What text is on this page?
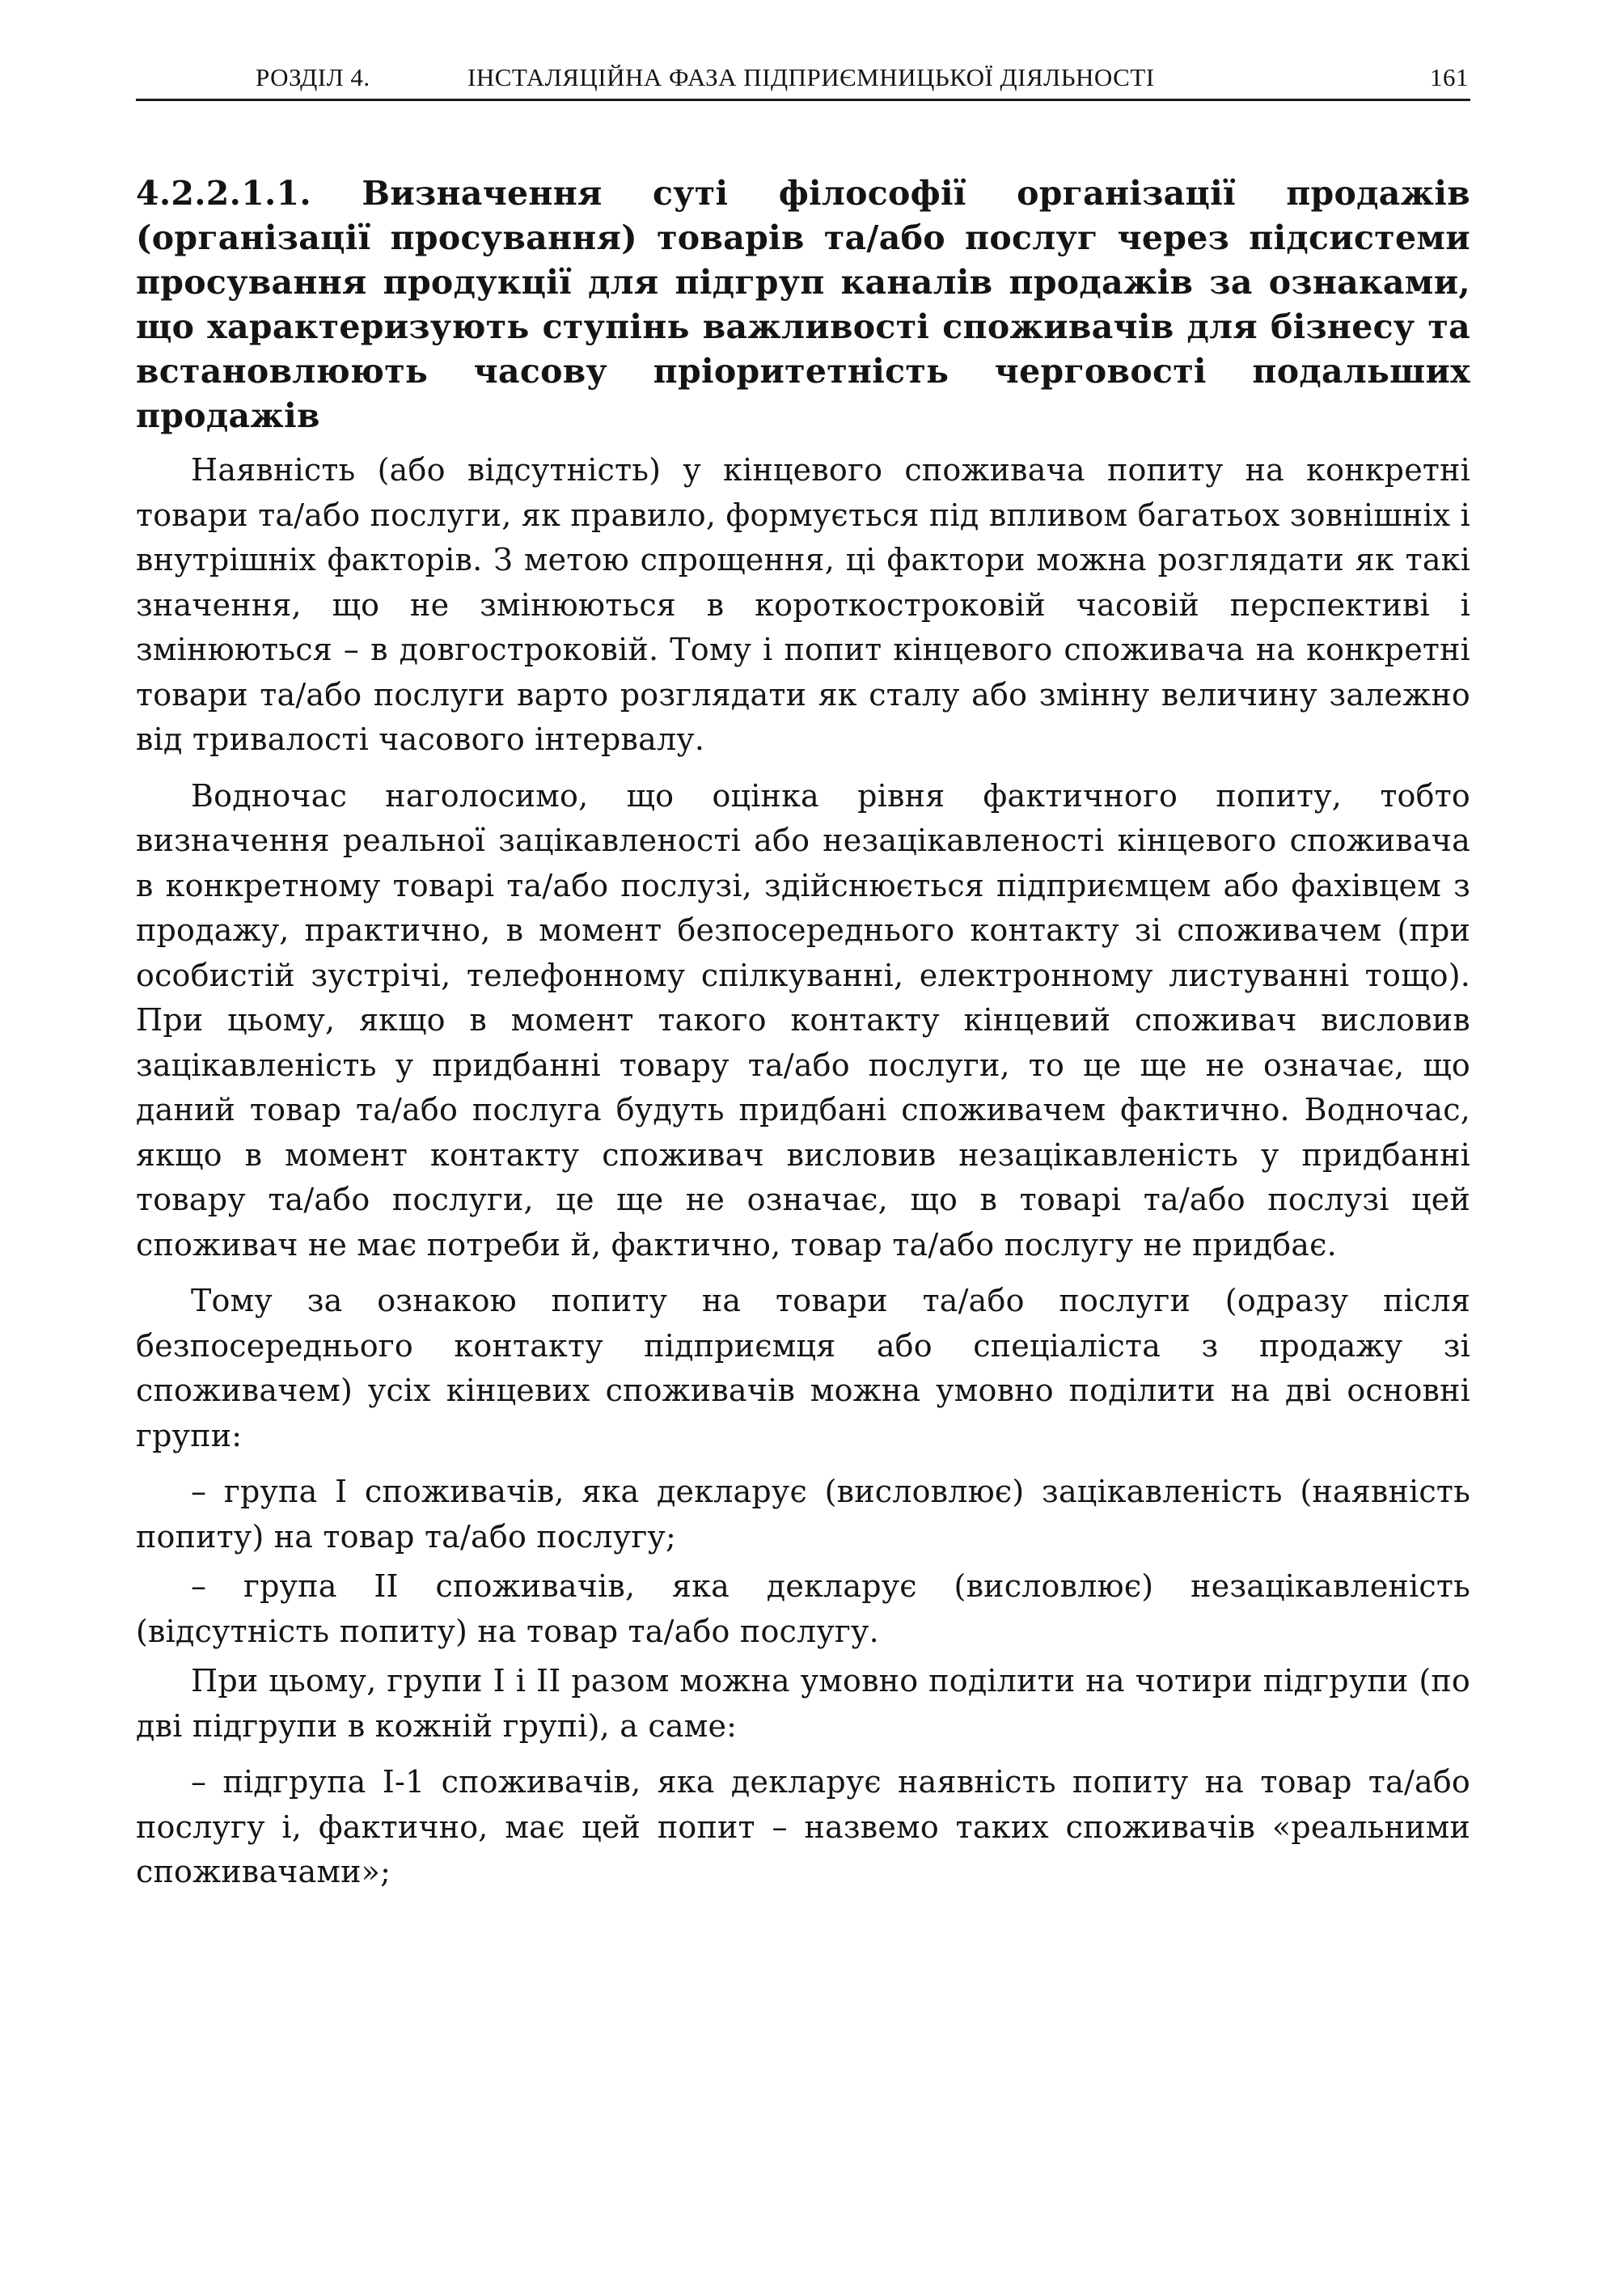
РОЗДІЛ 4.	ІНСТАЛЯЦІЙНА ФАЗА ПІДПРИЄМНИЦЬКОЇ ДІЯЛЬНОСТІ	161

4.2.2.1.1. Визначення суті філософії організації продажів (організації просування) товарів та/або послуг через підсистеми просування продукції для підгруп каналів продажів за ознаками, що характеризують ступінь важливості споживачів для бізнесу та встановлюють часову пріоритетність черговості подальших продажів

Наявність (або відсутність) у кінцевого споживача попиту на конкретні товари та/або послуги, як правило, формується під впливом багатьох зовнішніх і внутрішніх факторів. З метою спрощення, ці фактори можна розглядати як такі значення, що не змінюються в короткостроковій часовій перспективі і змінюються – в довгостроковій. Тому і попит кінцевого споживача на конкретні товари та/або послуги варто розглядати як сталу або змінну величину залежно від тривалості часового інтервалу.

Водночас наголосимо, що оцінка рівня фактичного попиту, тобто визначення реальної зацікавленості або незацікавленості кінцевого споживача в конкретному товарі та/або послузі, здійснюється підприємцем або фахівцем з продажу, практично, в момент безпосереднього контакту зі споживачем (при особистій зустрічі, телефонному спілкуванні, електронному листуванні тощо). При цьому, якщо в момент такого контакту кінцевий споживач висловив зацікавленість у придбанні товару та/або послуги, то це ще не означає, що даний товар та/або послуга будуть придбані споживачем фактично. Водночас, якщо в момент контакту споживач висловив незацікавленість у придбанні товару та/або послуги, це ще не означає, що в товарі та/або послузі цей споживач не має потреби й, фактично, товар та/або послугу не придбає.

Тому за ознакою попиту на товари та/або послуги (одразу після безпосереднього контакту підприємця або спеціаліста з продажу зі споживачем) усіх кінцевих споживачів можна умовно поділити на дві основні групи:

– група І споживачів, яка декларує (висловлює) зацікавленість (наявність попиту) на товар та/або послугу;

– група ІІ споживачів, яка декларує (висловлює) незацікавленість (відсутність попиту) на товар та/або послугу.

При цьому, групи І і ІІ разом можна умовно поділити на чотири підгрупи (по дві підгрупи в кожній групі), а саме:

– підгрупа І-1 споживачів, яка декларує наявність попиту на товар та/або послугу і, фактично, має цей попит – назвемо таких споживачів «реальними споживачами»;
